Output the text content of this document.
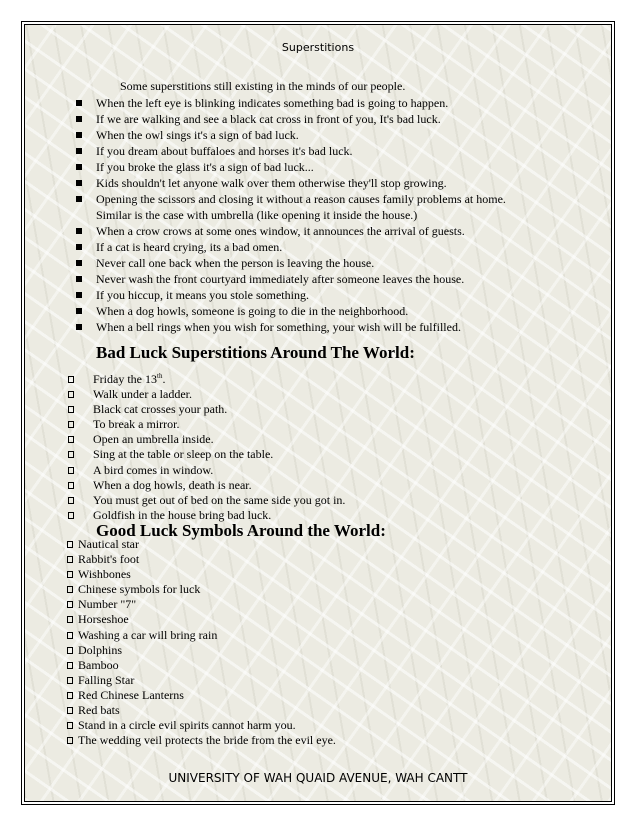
Superstitions
Some superstitions still existing in the minds of our people.
When the left eye is blinking indicates something bad is going to happen.
If we are walking and see a black cat cross in front of you, It's bad luck.
When the owl sings it's a sign of bad luck.
If you dream about buffaloes and horses it's bad luck.
If you broke the glass it's a sign of bad luck...
Kids shouldn't let anyone walk over them otherwise they'll stop growing.
Opening the scissors and closing it without a reason causes family problems at home.
Similar is the case with umbrella (like opening it inside the house.)
When a crow crows at some ones window, it announces the arrival of guests.
If a cat is heard crying, its a bad omen.
Never call one back when the person is leaving the house.
Never wash the front courtyard immediately after someone leaves the house.
If you hiccup, it means you stole something.
When a dog howls, someone is going to die in the neighborhood.
When a bell rings when you wish for something, your wish will be fulfilled.
Bad Luck Superstitions Around The World:
Friday the 13th.
Walk under a ladder.
Black cat crosses your path.
To break a mirror.
Open an umbrella inside.
Sing at the table or sleep on the table.
A bird comes in window.
When a dog howls, death is near.
You must get out of bed on the same side you got in.
Goldfish in the house bring bad luck.
Good Luck Symbols Around the World:
Nautical star
Rabbit's foot
Wishbones
Chinese symbols for luck
Number "7"
Horseshoe
Washing a car will bring rain
Dolphins
Bamboo
Falling Star
Red Chinese Lanterns
Red bats
Stand in a circle evil spirits cannot harm you.
The wedding veil protects the bride from the evil eye.
UNIVERSITY OF WAH QUAID AVENUE, WAH CANTT
